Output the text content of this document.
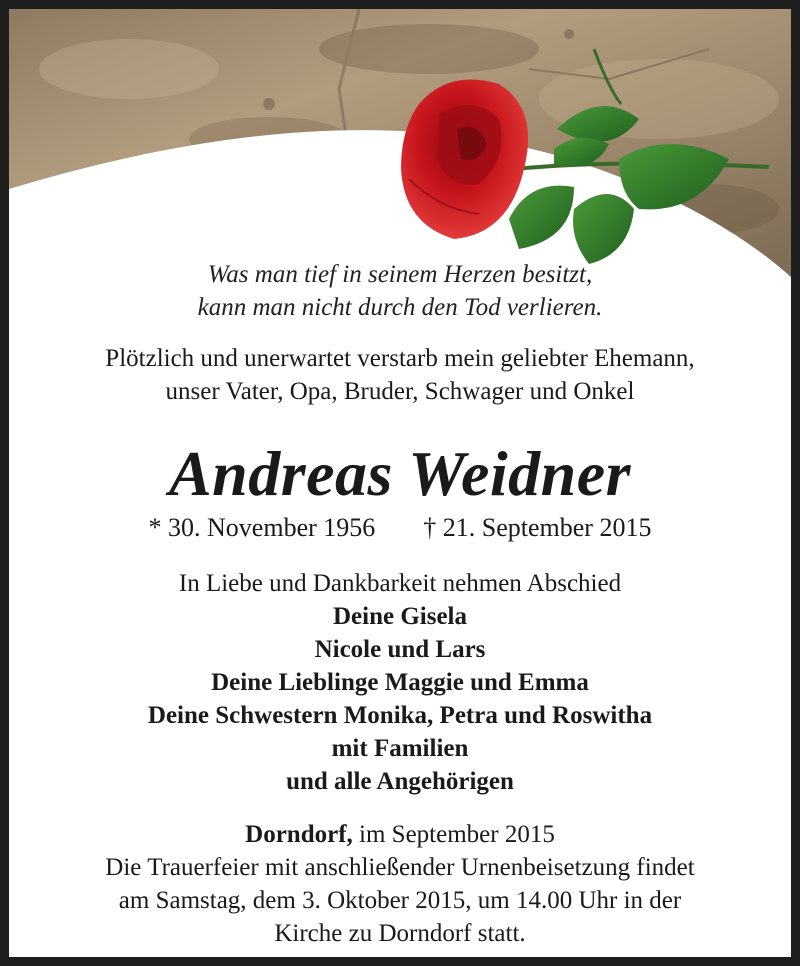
Was man tief in seinem Herzen besitzt,
kann man nicht durch den Tod verlieren.
Plötzlich und unerwartet verstarb mein geliebter Ehemann,
unser Vater, Opa, Bruder, Schwager und Onkel
Andreas Weidner
* 30. November 1956 † 21. September 2015
In Liebe und Dankbarkeit nehmen Abschied
Deine Gisela
Nicole und Lars
Deine Lieblinge Maggie und Emma
Deine Schwestern Monika, Petra und Roswitha
mit Familien
und alle Angehörigen
Dorndorf, im September 2015
Die Trauerfeier mit anschließender Urnenbeisetzung findet
am Samstag, dem 3. Oktober 2015, um 14.00 Uhr in der
Kirche zu Dorndorf statt.
